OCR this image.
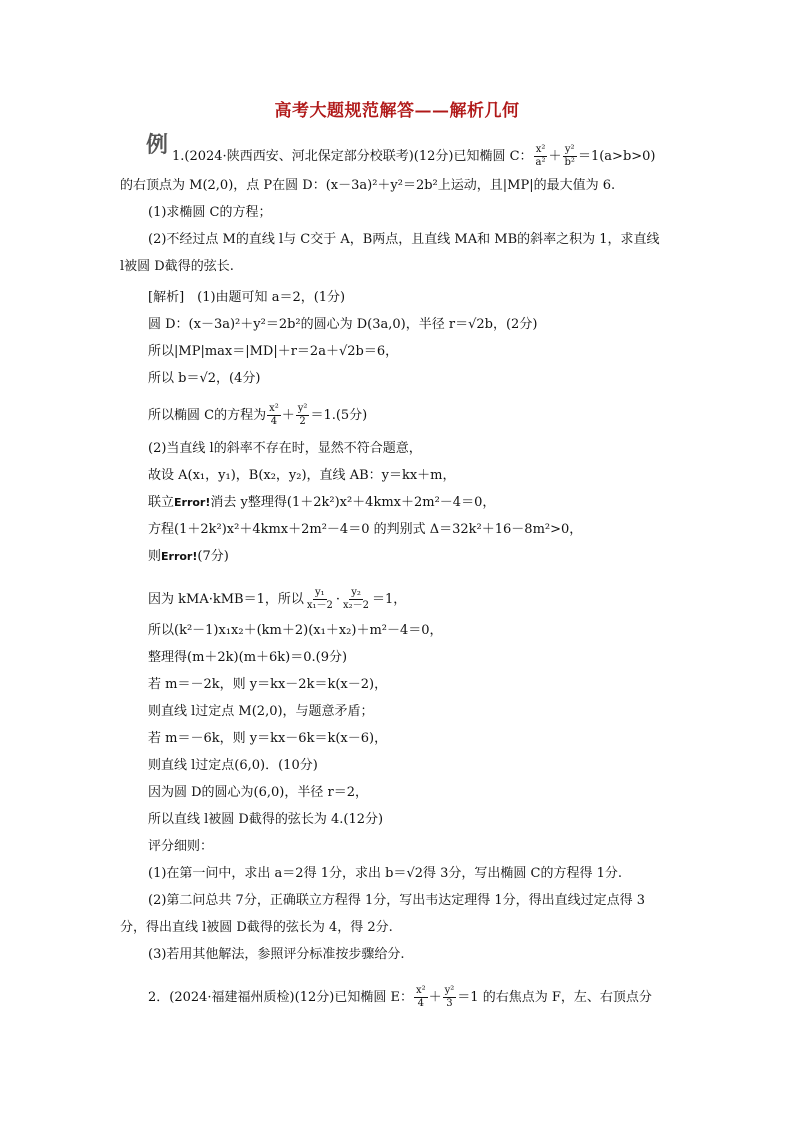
高考大题规范解答——解析几何
例 1.(2024·陕西西安、河北保定部分校联考)(12分)已知椭圆 C： $\frac{\text{x²}}{\text{a²}} + \frac{\text{y²}}{\text{b²}} =1(a>b>0)$
的右顶点为 M(2,0)，点 P在圆 D：(x－3a)²＋y²＝2b²上运动，且|MP|的最大值为 6.
(1)求椭圆 C的方程；
(2)不经过点 M的直线 l与 C交于 A，B两点，且直线 MA和 MB的斜率之积为 1，求直线
l被圆 D截得的弦长.
[解析]　(1)由题可知 a＝2，(1分)
圆 D：(x－3a)²＋y²＝2b²的圆心为 D(3a,0)，半径 r＝√2b，(2分)
所以|MP|max＝|MD|＋r＝2a＋√2b＝6，
所以 b＝√2，(4分)
所以椭圆 C的方程为 $\frac{\text{x²}}{4} + \frac{\text{y²}}{2} =1.(5$分)
(2)当直线 l的斜率不存在时，显然不符合题意，
故设 A(x₁，y₁)，B(x₂，y₂)，直线 AB：y＝kx＋m，
联立Error!消去 y整理得(1＋2k²)x²＋4kmx＋2m²－4＝0，
方程(1＋2k²)x²＋4kmx＋2m²－4＝0 的判别式 Δ＝32k²＋16－8m²>0，
则Error!(7分)
因为 kMA·kMB＝1，所以 $\frac{\text{y₁}}{\text{x₁－2}} \cdot \frac{\text{y₂}}{\text{x₂－2}} =1$，
所以(k²－1)x₁x₂＋(km＋2)(x₁＋x₂)＋m²－4＝0，
整理得(m＋2k)(m＋6k)＝0.(9分)
若 m＝－2k，则 y＝kx－2k＝k(x－2)，
则直线 l过定点 M(2,0)，与题意矛盾；
若 m＝－6k，则 y＝kx－6k＝k(x－6)，
则直线 l过定点(6,0)．(10分)
因为圆 D的圆心为(6,0)，半径 r＝2，
所以直线 l被圆 D截得的弦长为 4.(12分)
评分细则：
(1)在第一问中，求出 a＝2得 1分，求出 b＝√2得 3分，写出椭圆 C的方程得 1分.
(2)第二问总共 7分，正确联立方程得 1分，写出韦达定理得 1分，得出直线过定点得 3
分，得出直线 l被圆 D截得的弦长为 4，得 2分.
(3)若用其他解法，参照评分标准按步骤给分.
2．(2024·福建福州质检)(12分)已知椭圆 E： $\frac{\text{x²}}{4} + \frac{\text{y²}}{3} =1$ 的右焦点为 F，左、右顶点分
